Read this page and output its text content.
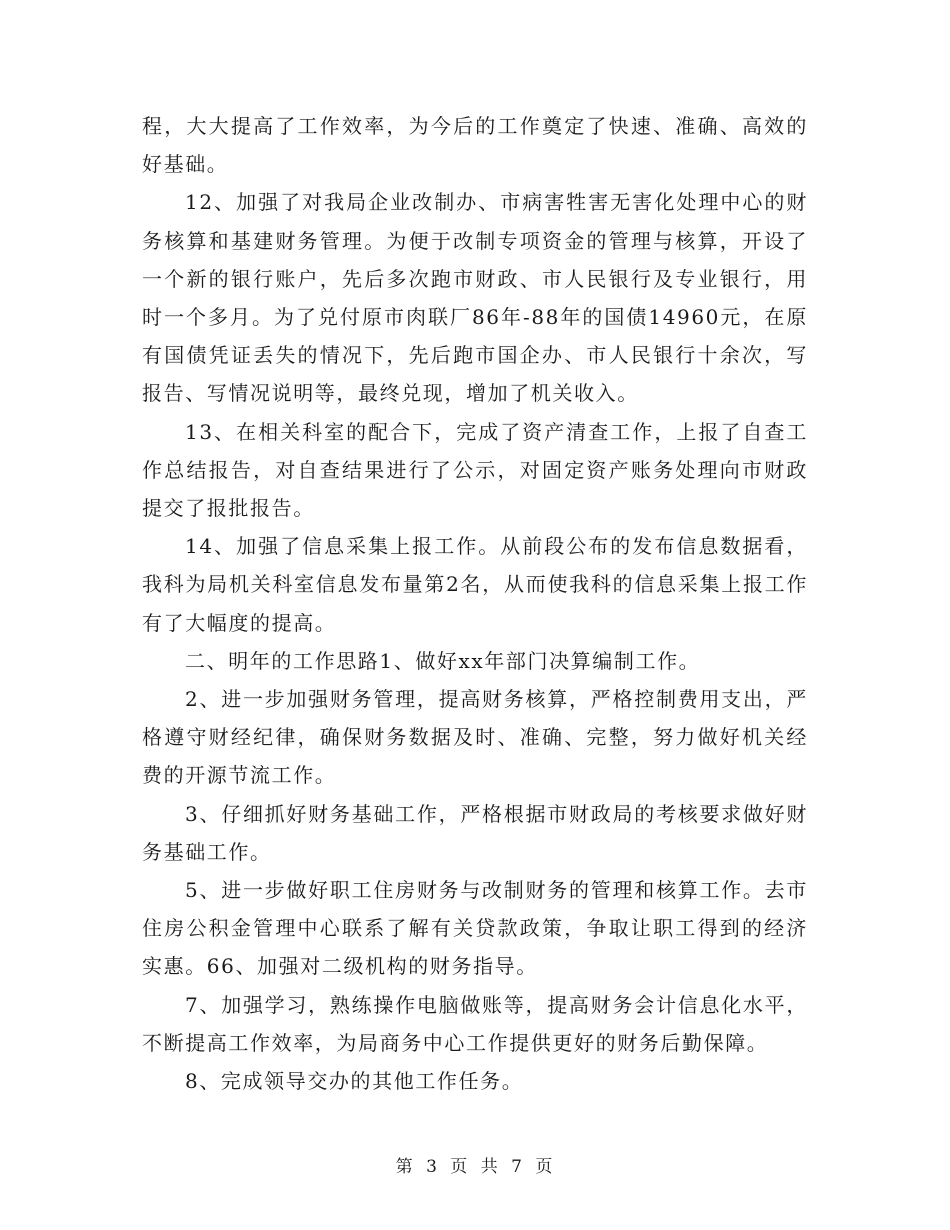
程，大大提高了工作效率，为今后的工作奠定了快速、准确、高效的好基础。

12、加强了对我局企业改制办、市病害牲害无害化处理中心的财务核算和基建财务管理。为便于改制专项资金的管理与核算，开设了一个新的银行账户，先后多次跑市财政、市人民银行及专业银行，用时一个多月。为了兑付原市肉联厂86年-88年的国债14960元，在原有国债凭证丢失的情况下，先后跑市国企办、市人民银行十余次，写报告、写情况说明等，最终兑现，增加了机关收入。

13、在相关科室的配合下，完成了资产清查工作，上报了自查工作总结报告，对自查结果进行了公示，对固定资产账务处理向市财政提交了报批报告。

14、加强了信息采集上报工作。从前段公布的发布信息数据看，我科为局机关科室信息发布量第2名，从而使我科的信息采集上报工作有了大幅度的提高。

二、明年的工作思路1、做好xx年部门决算编制工作。

2、进一步加强财务管理，提高财务核算，严格控制费用支出，严格遵守财经纪律，确保财务数据及时、准确、完整，努力做好机关经费的开源节流工作。

3、仔细抓好财务基础工作，严格根据市财政局的考核要求做好财务基础工作。

5、进一步做好职工住房财务与改制财务的管理和核算工作。去市住房公积金管理中心联系了解有关贷款政策，争取让职工得到的经济实惠。66、加强对二级机构的财务指导。

7、加强学习，熟练操作电脑做账等，提高财务会计信息化水平，不断提高工作效率，为局商务中心工作提供更好的财务后勤保障。

8、完成领导交办的其他工作任务。

第 3 页 共 7 页
